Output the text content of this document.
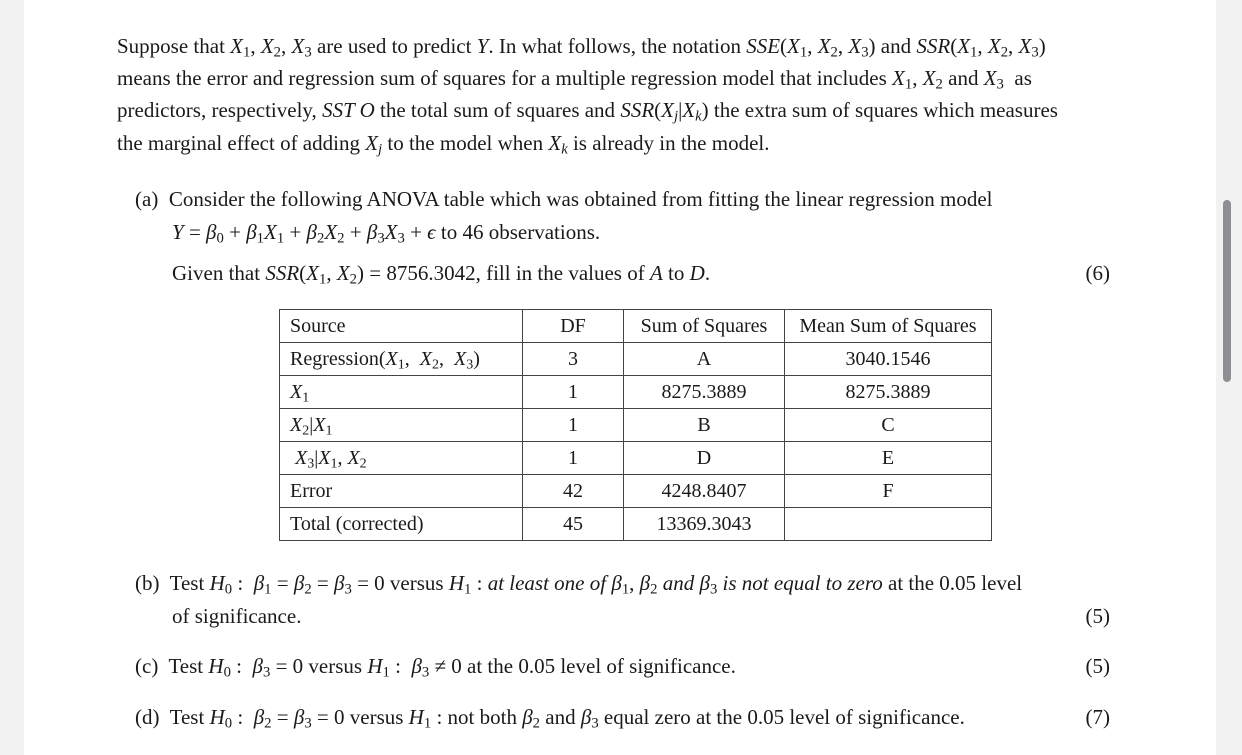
Suppose that $X_1$, $X_2$, $X_3$ are used to predict Y. In what follows, the notation $SSE(X_1$, $X_2$, $X_3$) and $SSR(X_1$, $X_2$, $X_3$)
means the error and regression sum of squares for a multiple regression model that includes $X_1$, $X_2$ and $X_3$ as
predictors, respectively, SST O the total sum of squares and $SSR(X_j|X_k)$ the extra sum of squares which measures
the marginal effect of adding $X_j$ to the model when $X_k$ is already in the model.
(a) Consider the following ANOVA table which was obtained from fitting the linear regression model
$Y = \beta_0 + \beta_1X_1 + \beta_2X_2 + \beta_3X_3 + \epsilon$ to 46 observations.
Given that $SSR(X_1$, $X_2) = 8756.3042$, fill in the values of A to D.	(6)
Source	DF	Sum of Squares	Mean Sum of Squares
$Regression(X_1$,  $X_2$,  $X_3$)	3	A	3040.1546
$X_1$	1	8275.3889	8275.3889
$X_2|X_1$	1	B	C
$X_3|X_1$, $X_2$	1	D	E
Error	42	4248.8407	F
Total (corrected)	45	13369.3043	
(b) Test $H_0$ :  $\beta_1 = \beta_2 = \beta_3 = 0$ versus $H_1$ : at least one of $\beta_1$, $\beta_2$ and $\beta_3$ is not equal to zero at the 0.05 level
of significance.	(5)
(c) Test $H_0$ :  $\beta_3 = 0$ versus $H_1$ :  $\beta_3 \ne 0$ at the 0.05 level of significance.	(5)
(d) Test $H_0$ :  $\beta_2 = \beta_3 = 0$ versus $H_1$ : not both $\beta_2$ and $\beta_3$ equal zero at the 0.05 level of significance.	(7)
